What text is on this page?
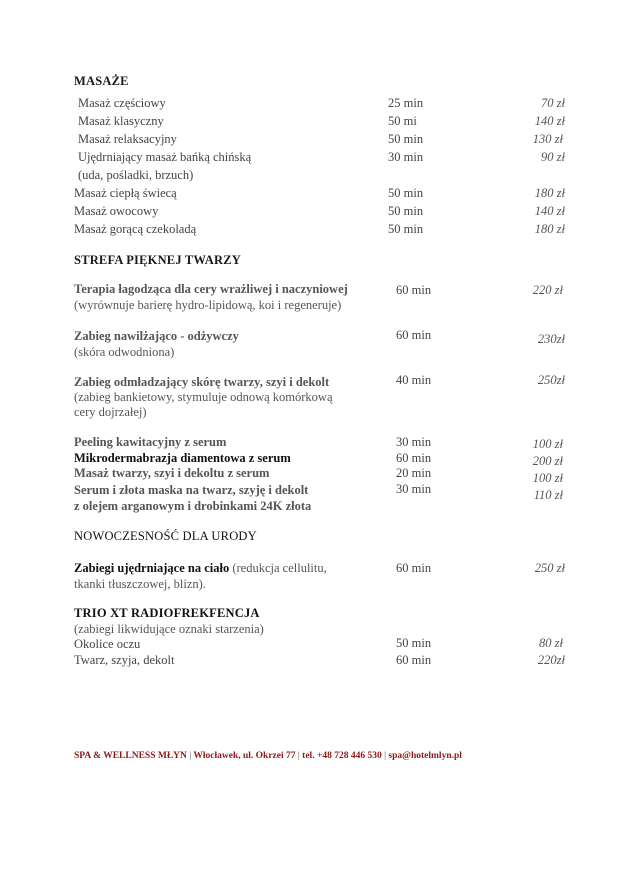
MASAŻE
Masaż częściowy	25 min	70 zł
Masaż klasyczny	50 mi	140 zł
Masaż relaksacyjny	50 min	130 zł
Ujędrniający masaż bańką chińską	30 min	90 zł
(uda, pośladki, brzuch)
Masaż ciepłą świecą	50 min	180 zł
Masaż owocowy	50 min	140 zł
Masaż gorącą czekoladą	50 min	180 zł
STREFA PIĘKNEJ TWARZY
Terapia łagodząca dla cery wrażliwej i naczyniowej
(wyrównuje barierę hydro-lipidową, koi i regeneruje)
60 min	220 zł
Zabieg nawilżająco - odżywczy
(skóra odwodniona)
60 min	230zł
Zabieg odmładzający skórę twarzy, szyi i dekolt
(zabieg bankietowy, stymuluje odnową komórkową
cery dojrzałej)
40 min	250zł
Peeling kawitacyjny z serum	30 min	100 zł
Mikrodermabrazja diamentowa z serum	60 min	200 zł
Masaż twarzy, szyi i dekoltu z serum	20 min	100 zł
Serum i złota maska na twarz, szyję i dekolt
z olejem arganowym i drobinkami 24K złota
30 min	110 zł
NOWOCZESNOŚĆ DLA URODY
Zabiegi ujędrniające na ciało (redukcja cellulitu,
tkanki tłuszczowej, blizn).
60 min	250 zł
TRIO XT RADIOFREKFENCJA
(zabiegi likwidujące oznaki starzenia)
Okolice oczu	50 min	80 zł
Twarz, szyja, dekolt	60 min	220zł
SPA & WELLNESS MŁYN | Włocławek, ul. Okrzei 77 | tel. +48 728 446 530 | spa@hotelmlyn.pl
